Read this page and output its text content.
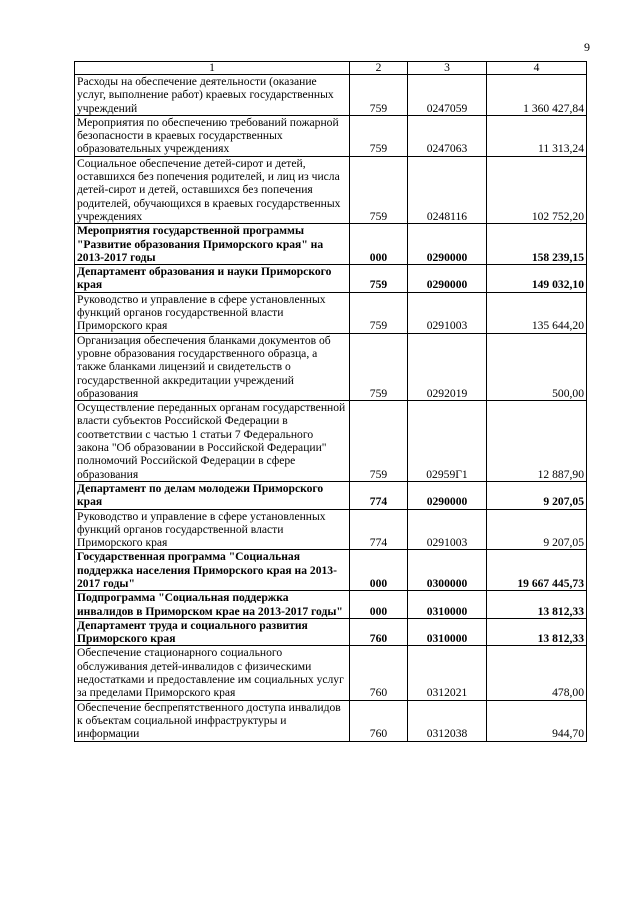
9
1	2	3	4
Расходы на обеспечение деятельности (оказание услуг, выполнение работ) краевых государственных учреждений	759	0247059	1 360 427,84
Мероприятия по обеспечению требований пожарной безопасности в краевых государственных образовательных учреждениях	759	0247063	11 313,24
Социальное обеспечение детей-сирот и детей, оставшихся без попечения родителей, и лиц из числа детей-сирот и детей, оставшихся без попечения родителей, обучающихся в краевых государственных учреждениях	759	0248116	102 752,20
Мероприятия государственной программы "Развитие образования Приморского края" на 2013-2017 годы	000	0290000	158 239,15
Департамент образования и науки Приморского края	759	0290000	149 032,10
Руководство и управление в сфере установленных функций органов государственной власти Приморского края	759	0291003	135 644,20
Организация обеспечения бланками документов об уровне образования государственного образца, а также бланками лицензий и свидетельств о государственной аккредитации учреждений образования	759	0292019	500,00
Осуществление переданных органам государственной власти субъектов Российской Федерации в соответствии с частью 1 статьи 7 Федерального закона "Об образовании в Российской Федерации" полномочий Российской Федерации в сфере образования	759	02959Г1	12 887,90
Департамент по делам молодежи Приморского края	774	0290000	9 207,05
Руководство и управление в сфере установленных функций органов государственной власти Приморского края	774	0291003	9 207,05
Государственная программа "Социальная поддержка населения Приморского края на 2013-2017 годы"	000	0300000	19 667 445,73
Подпрограмма "Социальная поддержка инвалидов в Приморском крае на 2013-2017 годы"	000	0310000	13 812,33
Департамент труда и социального развития Приморского края	760	0310000	13 812,33
Обеспечение стационарного социального обслуживания детей-инвалидов с физическими недостатками и предоставление им социальных услуг за пределами Приморского края	760	0312021	478,00
Обеспечение беспрепятственного доступа инвалидов к объектам социальной инфраструктуры и информации	760	0312038	944,70
